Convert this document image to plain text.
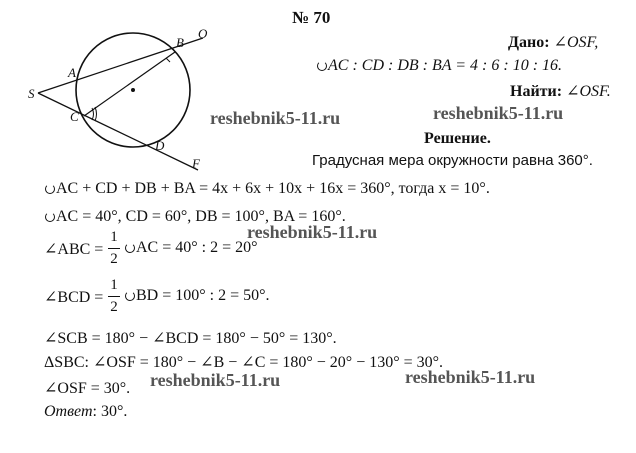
№ 70
S
A
B
C
D
O
F
Дано: ∠OSF,
AC : CD : DB : BA = 4 : 6 : 10 : 16.
Найти: ∠OSF.
Решение.
Градусная мера окружности равна 360°.
AC + CD + DB + BA = 4x + 6x + 10x + 16x = 360°, тогда x = 10°.
AC = 40°, CD = 60°, DB = 100°, BA = 160°.
∠ABC =
1
2
AC = 40° : 2 = 20°
∠BCD =
1
2
BD = 100° : 2 = 50°.
∠SCB = 180° − ∠BCD = 180° − 50° = 130°.
ΔSBC: ∠OSF = 180° − ∠B − ∠C = 180° − 20° − 130° = 30°.
∠OSF = 30°.
Ответ: 30°.
reshebnik5-11.ru	reshebnik5-11.ru
reshebnik5-11.ru
reshebnik5-11.ru	reshebnik5-11.ru
